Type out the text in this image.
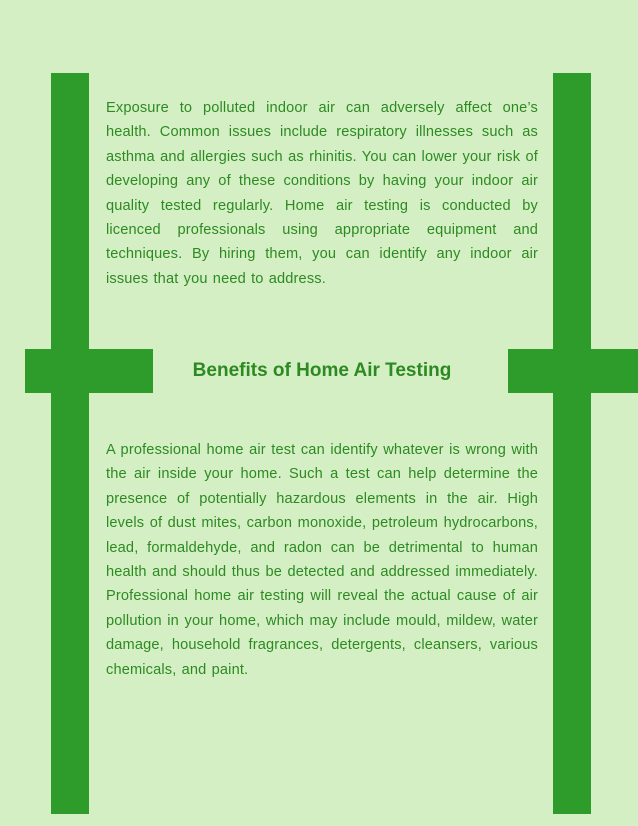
Exposure to polluted indoor air can adversely affect one’s health. Common issues include respiratory illnesses such as asthma and allergies such as rhinitis. You can lower your risk of developing any of these conditions by having your indoor air quality tested regularly. Home air testing is conducted by licenced professionals using appropriate equipment and techniques. By hiring them, you can identify any indoor air issues that you need to address.

Benefits of Home Air Testing

A professional home air test can identify whatever is wrong with the air inside your home. Such a test can help determine the presence of potentially hazardous elements in the air. High levels of dust mites, carbon monoxide, petroleum hydrocarbons, lead, formaldehyde, and radon can be detrimental to human health and should thus be detected and addressed immediately. Professional home air testing will reveal the actual cause of air pollution in your home, which may include mould, mildew, water damage, household fragrances, detergents, cleansers, various chemicals, and paint.
